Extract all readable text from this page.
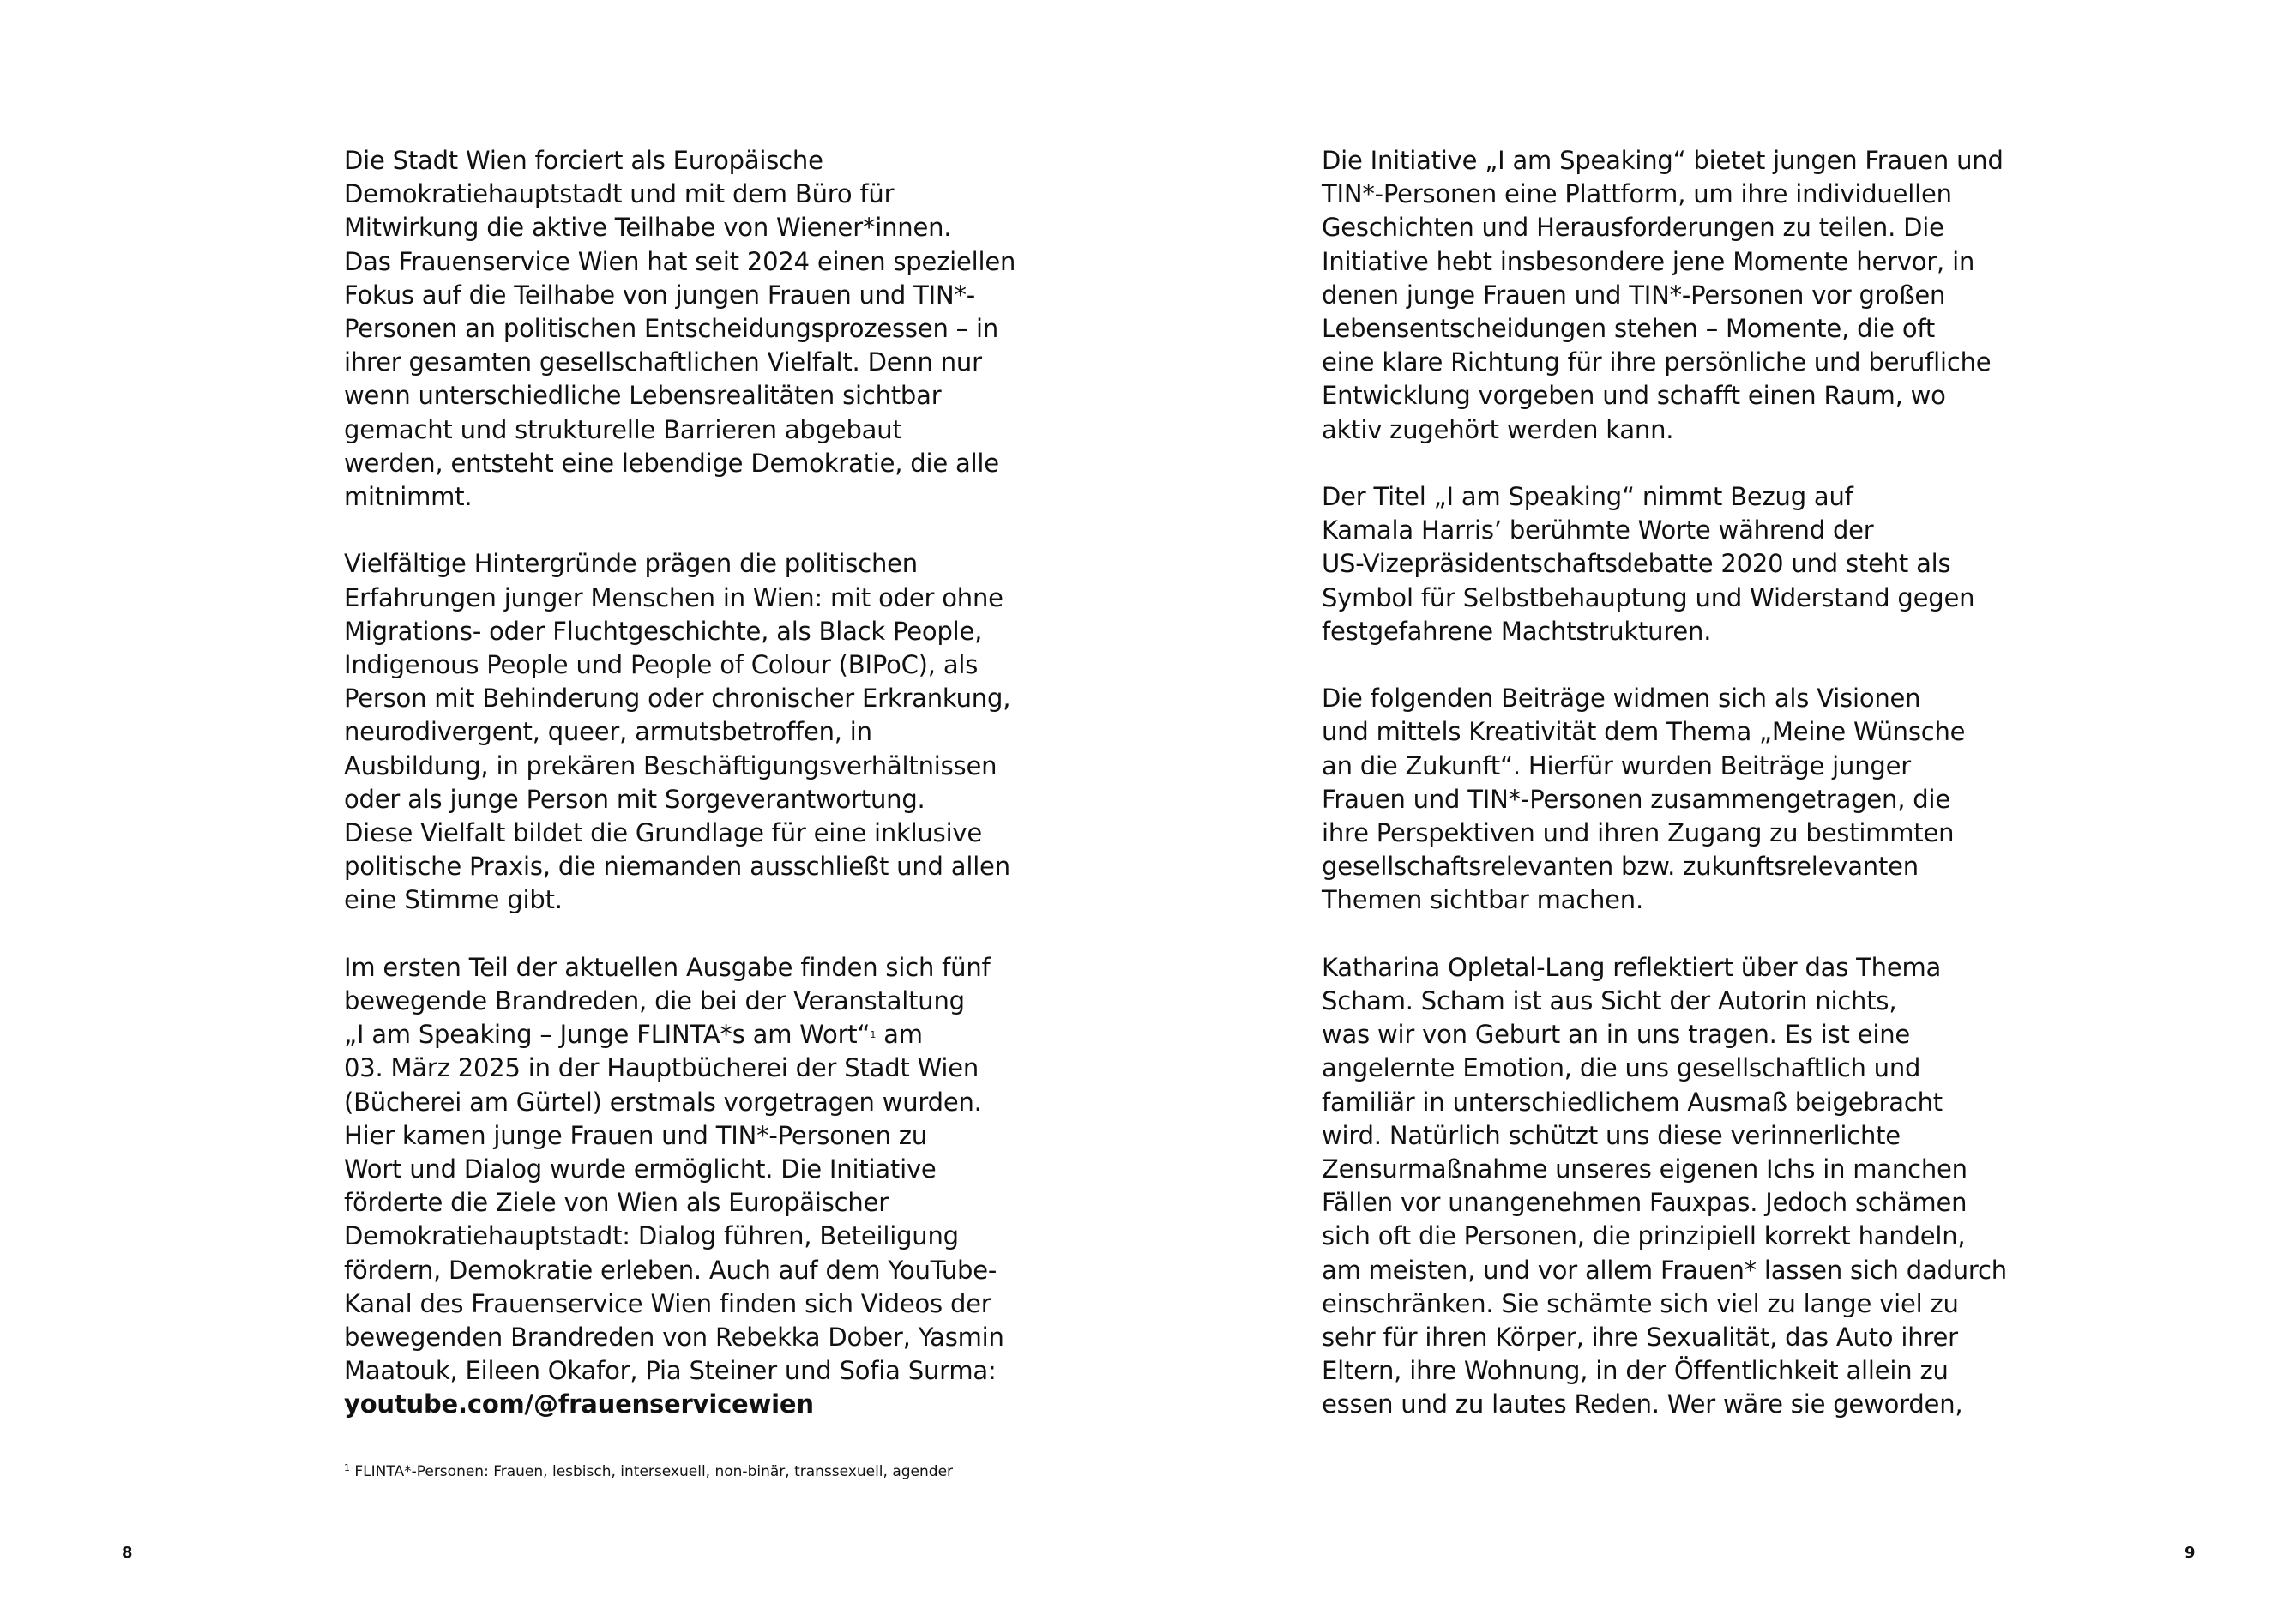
Die Stadt Wien forciert als Europäische
Demokratiehauptstadt und mit dem Büro für
Mitwirkung die aktive Teilhabe von Wiener*innen.
Das Frauenservice Wien hat seit 2024 einen speziellen
Fokus auf die Teilhabe von jungen Frauen und TIN*-
Personen an politischen Entscheidungsprozessen – in
ihrer gesamten gesellschaftlichen Vielfalt. Denn nur
wenn unterschiedliche Lebensrealitäten sichtbar
gemacht und strukturelle Barrieren abgebaut
werden, entsteht eine lebendige Demokratie, die alle
mitnimmt.

Vielfältige Hintergründe prägen die politischen
Erfahrungen junger Menschen in Wien: mit oder ohne
Migrations- oder Fluchtgeschichte, als Black People,
Indigenous People und People of Colour (BIPoC), als
Person mit Behinderung oder chronischer Erkrankung,
neurodivergent, queer, armutsbetroffen, in
Ausbildung, in prekären Beschäftigungsverhältnissen
oder als junge Person mit Sorgeverantwortung.
Diese Vielfalt bildet die Grundlage für eine inklusive
politische Praxis, die niemanden ausschließt und allen
eine Stimme gibt.

Im ersten Teil der aktuellen Ausgabe finden sich fünf
bewegende Brandreden, die bei der Veranstaltung
„I am Speaking – Junge FLINTA*s am Wort“$^1$ am
03. März 2025 in der Hauptbücherei der Stadt Wien
(Bücherei am Gürtel) erstmals vorgetragen wurden.
Hier kamen junge Frauen und TIN*-Personen zu
Wort und Dialog wurde ermöglicht. Die Initiative
förderte die Ziele von Wien als Europäischer
Demokratiehauptstadt: Dialog führen, Beteiligung
fördern, Demokratie erleben. Auch auf dem YouTube-
Kanal des Frauenservice Wien finden sich Videos der
bewegenden Brandreden von Rebekka Dober, Yasmin
Maatouk, Eileen Okafor, Pia Steiner und Sofia Surma:
youtube.com/@frauenservicewien

$^1$ FLINTA*-Personen: Frauen, lesbisch, intersexuell, non-binär, transsexuell, agender
8

Die Initiative „I am Speaking“ bietet jungen Frauen und
TIN*-Personen eine Plattform, um ihre individuellen
Geschichten und Herausforderungen zu teilen. Die
Initiative hebt insbesondere jene Momente hervor, in
denen junge Frauen und TIN*-Personen vor großen
Lebensentscheidungen stehen – Momente, die oft
eine klare Richtung für ihre persönliche und berufliche
Entwicklung vorgeben und schafft einen Raum, wo
aktiv zugehört werden kann.

Der Titel „I am Speaking“ nimmt Bezug auf
Kamala Harris’ berühmte Worte während der
US-Vizepräsidentschaftsdebatte 2020 und steht als
Symbol für Selbstbehauptung und Widerstand gegen
festgefahrene Machtstrukturen.

Die folgenden Beiträge widmen sich als Visionen
und mittels Kreativität dem Thema „Meine Wünsche
an die Zukunft“. Hierfür wurden Beiträge junger
Frauen und TIN*-Personen zusammengetragen, die
ihre Perspektiven und ihren Zugang zu bestimmten
gesellschaftsrelevanten bzw. zukunftsrelevanten
Themen sichtbar machen.

Katharina Opletal-Lang reflektiert über das Thema
Scham. Scham ist aus Sicht der Autorin nichts,
was wir von Geburt an in uns tragen. Es ist eine
angelernte Emotion, die uns gesellschaftlich und
familiär in unterschiedlichem Ausmaß beigebracht
wird. Natürlich schützt uns diese verinnerlichte
Zensurmaßnahme unseres eigenen Ichs in manchen
Fällen vor unangenehmen Fauxpas. Jedoch schämen
sich oft die Personen, die prinzipiell korrekt handeln,
am meisten, und vor allem Frauen* lassen sich dadurch
einschränken. Sie schämte sich viel zu lange viel zu
sehr für ihren Körper, ihre Sexualität, das Auto ihrer
Eltern, ihre Wohnung, in der Öffentlichkeit allein zu
essen und zu lautes Reden. Wer wäre sie geworden,

9
